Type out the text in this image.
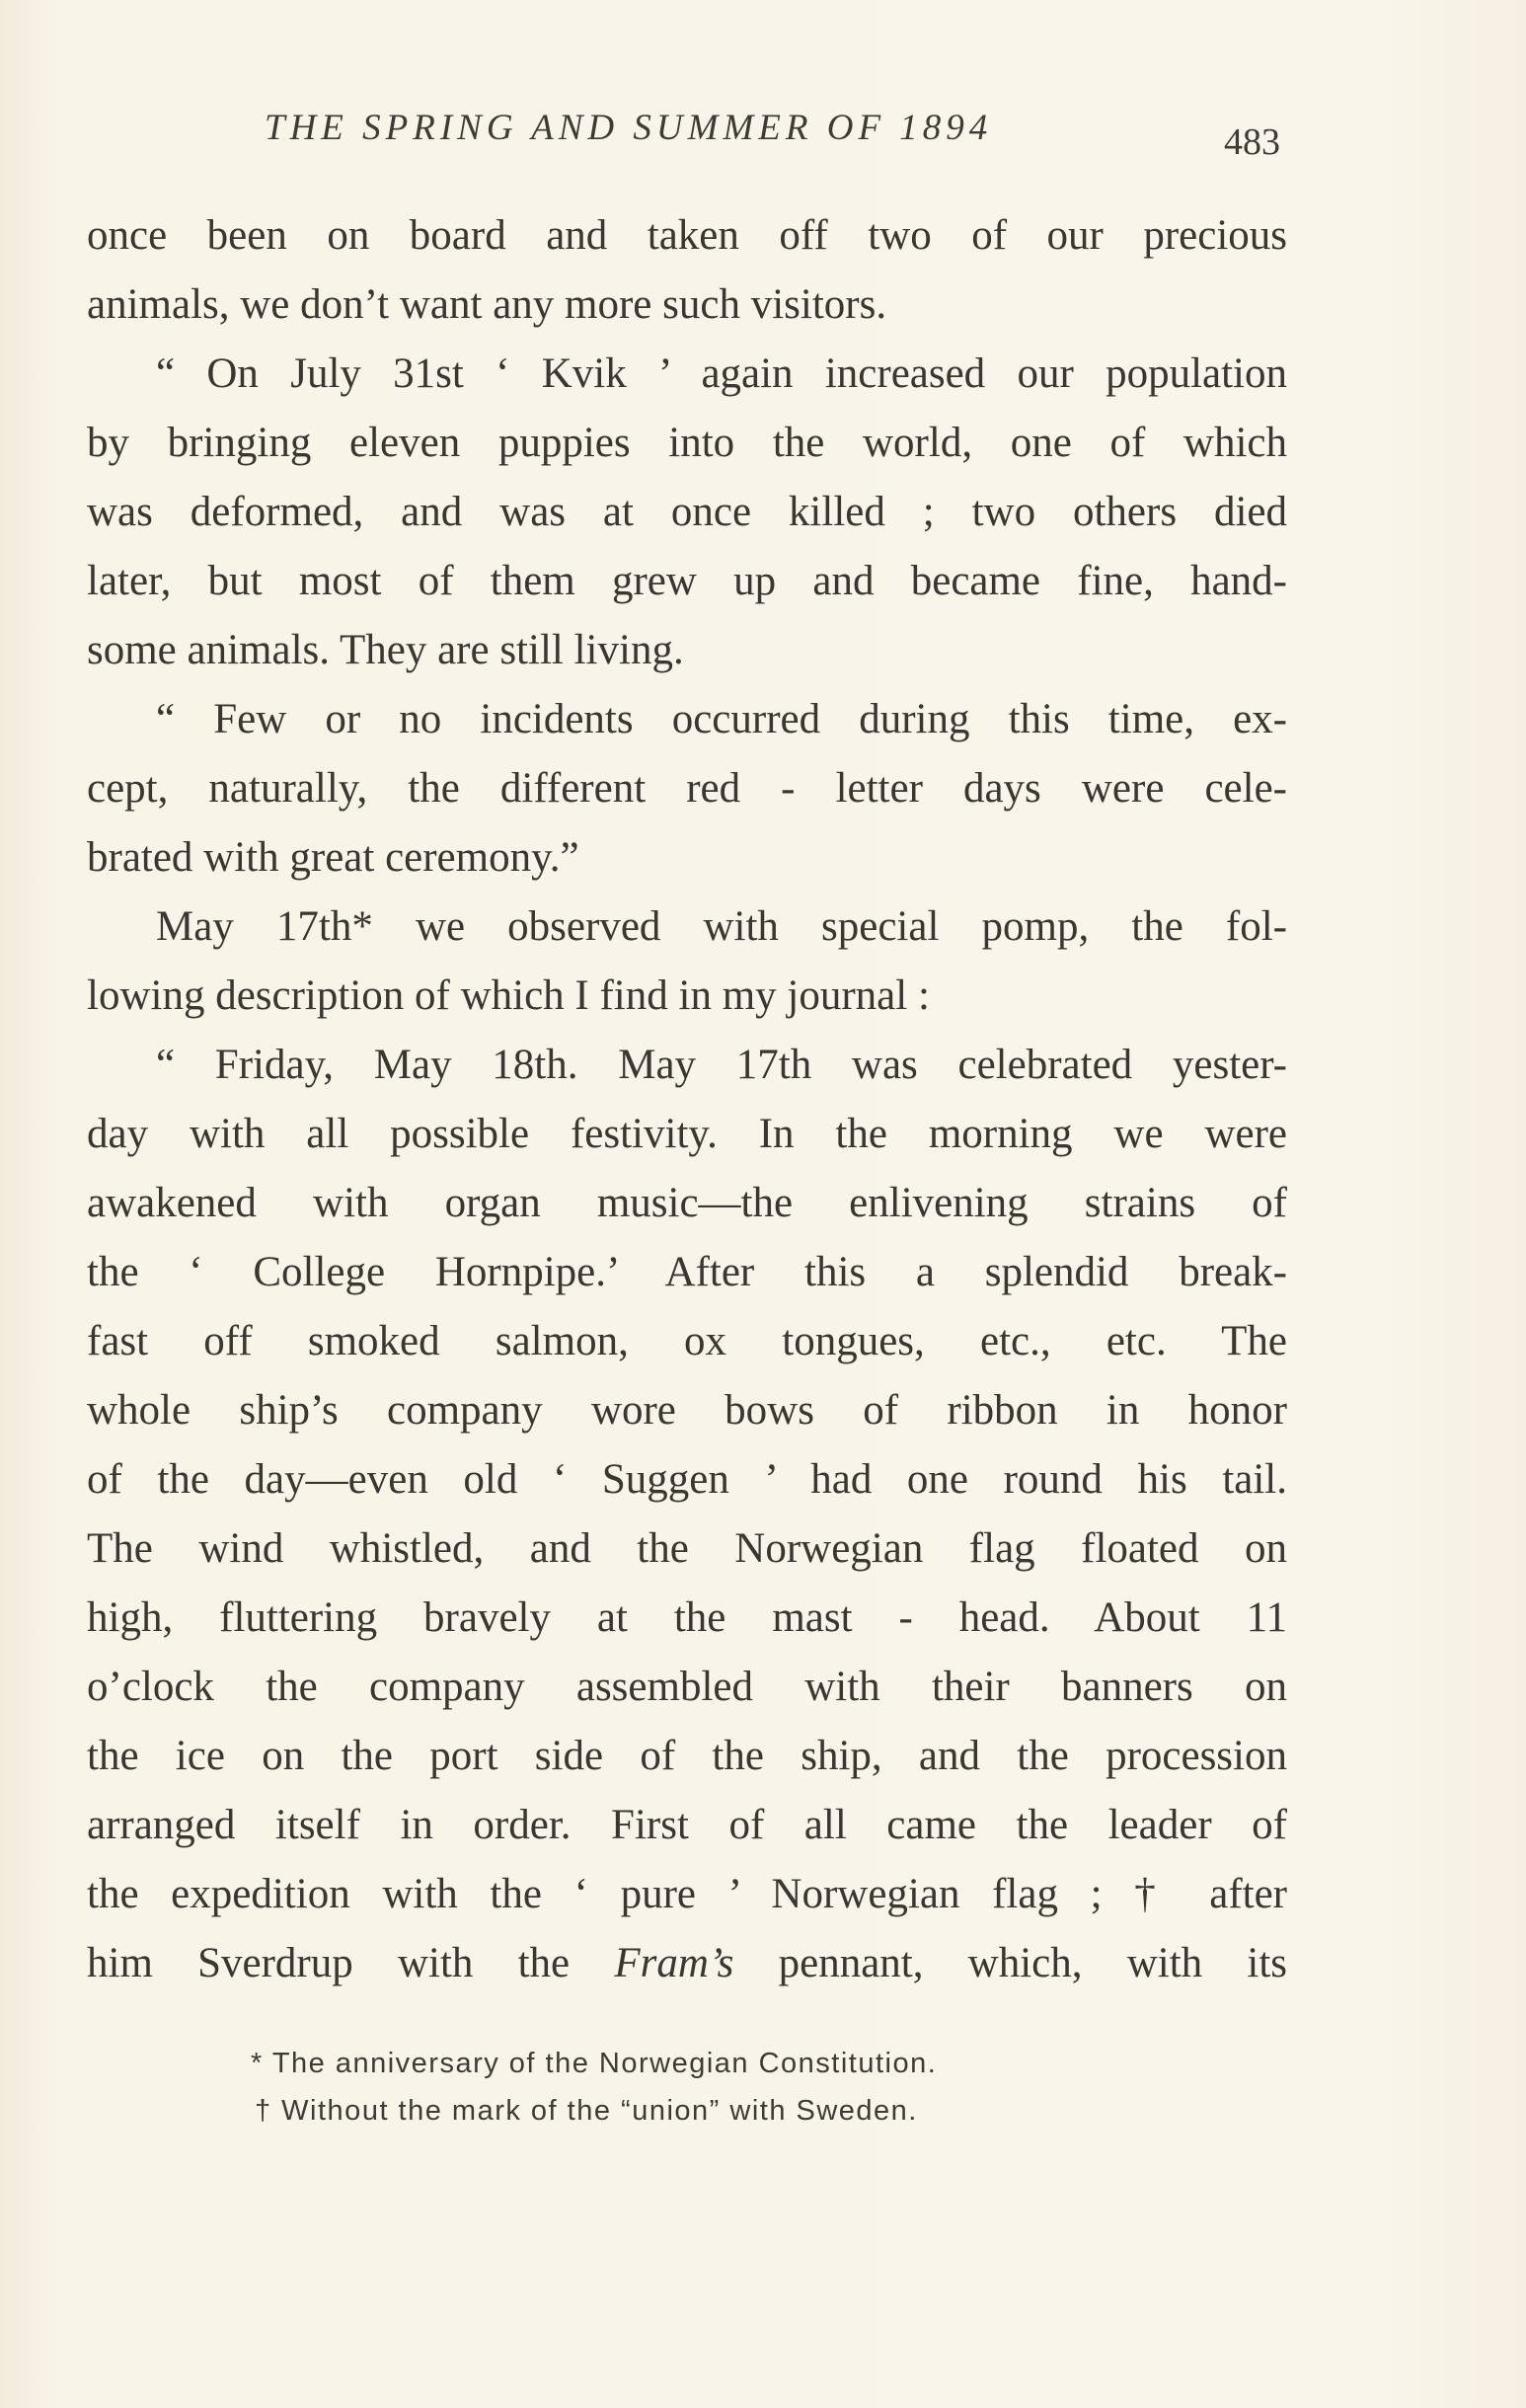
THE SPRING AND SUMMER OF 1894	483
once been on board and taken off two of our precious
animals, we don’t want any more such visitors.
“ On July 31st ‘ Kvik ’ again increased our population
by bringing eleven puppies into the world, one of which
was deformed, and was at once killed ; two others died
later, but most of them grew up and became fine, hand-
some animals. They are still living.
“ Few or no incidents occurred during this time, ex-
cept, naturally, the different red - letter days were cele-
brated with great ceremony.”
May 17th* we observed with special pomp, the fol-
lowing description of which I find in my journal :
“ Friday, May 18th. May 17th was celebrated yester-
day with all possible festivity. In the morning we were
awakened with organ music—the enlivening strains of
the ‘ College Hornpipe.’ After this a splendid break-
fast off smoked salmon, ox tongues, etc., etc. The
whole ship’s company wore bows of ribbon in honor
of the day—even old ‘ Suggen ’ had one round his tail.
The wind whistled, and the Norwegian flag floated on
high, fluttering bravely at the mast - head. About 11
o’clock the company assembled with their banners on
the ice on the port side of the ship, and the procession
arranged itself in order. First of all came the leader of
the expedition with the ‘ pure ’ Norwegian flag ; † after
him Sverdrup with the Fram’s pennant, which, with its
* The anniversary of the Norwegian Constitution.
† Without the mark of the “union” with Sweden.
